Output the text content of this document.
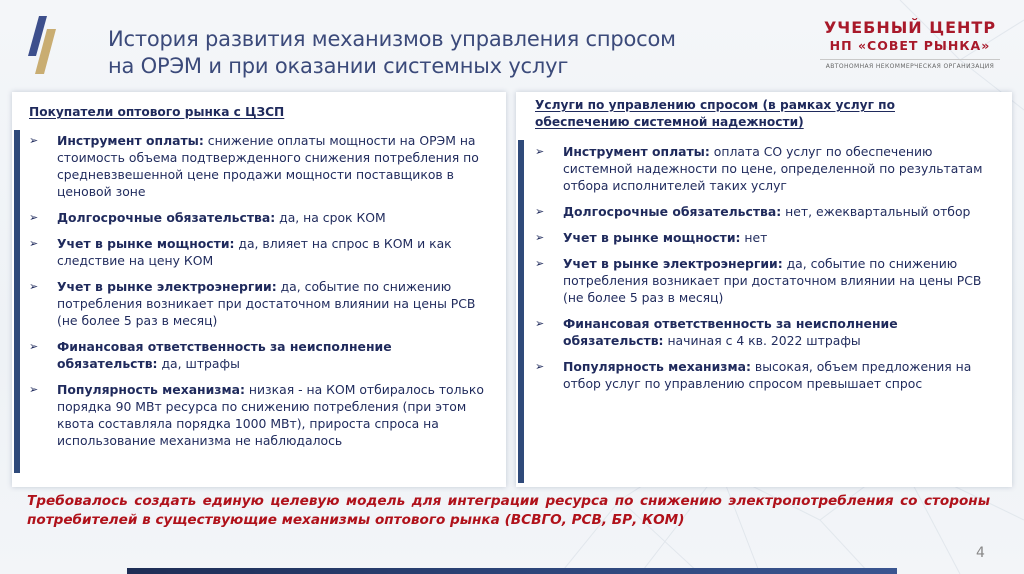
История развития механизмов управления спросом
на ОРЭМ и при оказании системных услуг
УЧЕБНЫЙ ЦЕНТР
НП «СОВЕТ РЫНКА»
АВТОНОМНАЯ НЕКОММЕРЧЕСКАЯ ОРГАНИЗАЦИЯ
Покупатели оптового рынка с ЦЗСП
➢ Инструмент оплаты: снижение оплаты мощности на ОРЭМ на стоимость объема подтвержденного снижения потребления по средневзвешенной цене продажи мощности поставщиков в ценовой зоне
➢ Долгосрочные обязательства: да, на срок КОМ
➢ Учет в рынке мощности: да, влияет на спрос в КОМ и как следствие на цену КОМ
➢ Учет в рынке электроэнергии: да, событие по снижению потребления возникает при достаточном влиянии на цены РСВ (не более 5 раз в месяц)
➢ Финансовая ответственность за неисполнение обязательств: да, штрафы
➢ Популярность механизма: низкая - на КОМ отбиралось только порядка 90 МВт ресурса по снижению потребления (при этом квота составляла порядка 1000 МВт), прироста спроса на использование механизма не наблюдалось
Услуги по управлению спросом (в рамках услуг по обеспечению системной надежности)
➢ Инструмент оплаты: оплата СО услуг по обеспечению системной надежности по цене, определенной по результатам отбора исполнителей таких услуг
➢ Долгосрочные обязательства: нет, ежеквартальный отбор
➢ Учет в рынке мощности: нет
➢ Учет в рынке электроэнергии: да, событие по снижению потребления возникает при достаточном влиянии на цены РСВ (не более 5 раз в месяц)
➢ Финансовая ответственность за неисполнение обязательств: начиная с 4 кв. 2022 штрафы
➢ Популярность механизма: высокая, объем предложения на отбор услуг по управлению спросом превышает спрос

Требовалось создать единую целевую модель для интеграции ресурса по снижению электропотребления со стороны потребителей в существующие механизмы оптового рынка (ВСВГО, РСВ, БР, КОМ)

4
